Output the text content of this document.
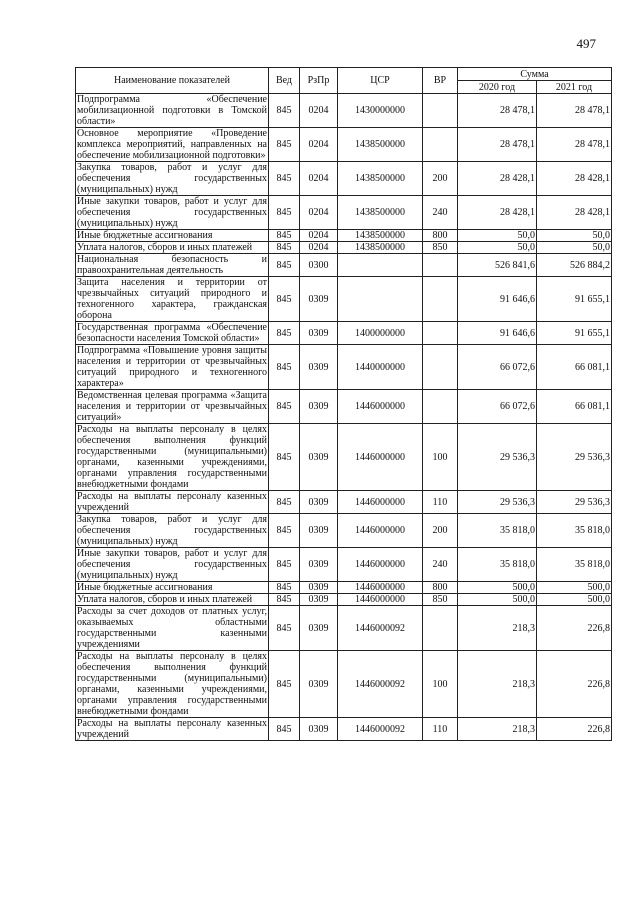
497
Наименование показателей	Вед	РзПр	ЦСР	ВР	Сумма	
					2020 год	2021 год
Подпрограмма «Обеспечение мобилизационной подготовки в Томской области»	845	0204	1430000000		28 478,1	28 478,1
Основное мероприятие «Проведение комплекса мероприятий, направленных на обеспечение мобилизационной подготовки»	845	0204	1438500000		28 478,1	28 478,1
Закупка товаров, работ и услуг для обеспечения государственных (муниципальных) нужд	845	0204	1438500000	200	28 428,1	28 428,1
Иные закупки товаров, работ и услуг для обеспечения государственных (муниципальных) нужд	845	0204	1438500000	240	28 428,1	28 428,1
Иные бюджетные ассигнования	845	0204	1438500000	800	50,0	50,0
Уплата налогов, сборов и иных платежей	845	0204	1438500000	850	50,0	50,0
Национальная безопасность и правоохранительная деятельность	845	0300			526 841,6	526 884,2
Защита населения и территории от чрезвычайных ситуаций природного и техногенного характера, гражданская оборона	845	0309			91 646,6	91 655,1
Государственная программа «Обеспечение безопасности населения Томской области»	845	0309	1400000000		91 646,6	91 655,1
Подпрограмма «Повышение уровня защиты населения и территории от чрезвычайных ситуаций природного и техногенного характера»	845	0309	1440000000		66 072,6	66 081,1
Ведомственная целевая программа «Защита населения и территории от чрезвычайных ситуаций»	845	0309	1446000000		66 072,6	66 081,1
Расходы на выплаты персоналу в целях обеспечения выполнения функций государственными (муниципальными) органами, казенными учреждениями, органами управления государственными внебюджетными фондами	845	0309	1446000000	100	29 536,3	29 536,3
Расходы на выплаты персоналу казенных учреждений	845	0309	1446000000	110	29 536,3	29 536,3
Закупка товаров, работ и услуг для обеспечения государственных (муниципальных) нужд	845	0309	1446000000	200	35 818,0	35 818,0
Иные закупки товаров, работ и услуг для обеспечения государственных (муниципальных) нужд	845	0309	1446000000	240	35 818,0	35 818,0
Иные бюджетные ассигнования	845	0309	1446000000	800	500,0	500,0
Уплата налогов, сборов и иных платежей	845	0309	1446000000	850	500,0	500,0
Расходы за счет доходов от платных услуг, оказываемых областными государственными казенными учреждениями	845	0309	1446000092		218,3	226,8
Расходы на выплаты персоналу в целях обеспечения выполнения функций государственными (муниципальными) органами, казенными учреждениями, органами управления государственными внебюджетными фондами	845	0309	1446000092	100	218,3	226,8
Расходы на выплаты персоналу казенных учреждений	845	0309	1446000092	110	218,3	226,8
